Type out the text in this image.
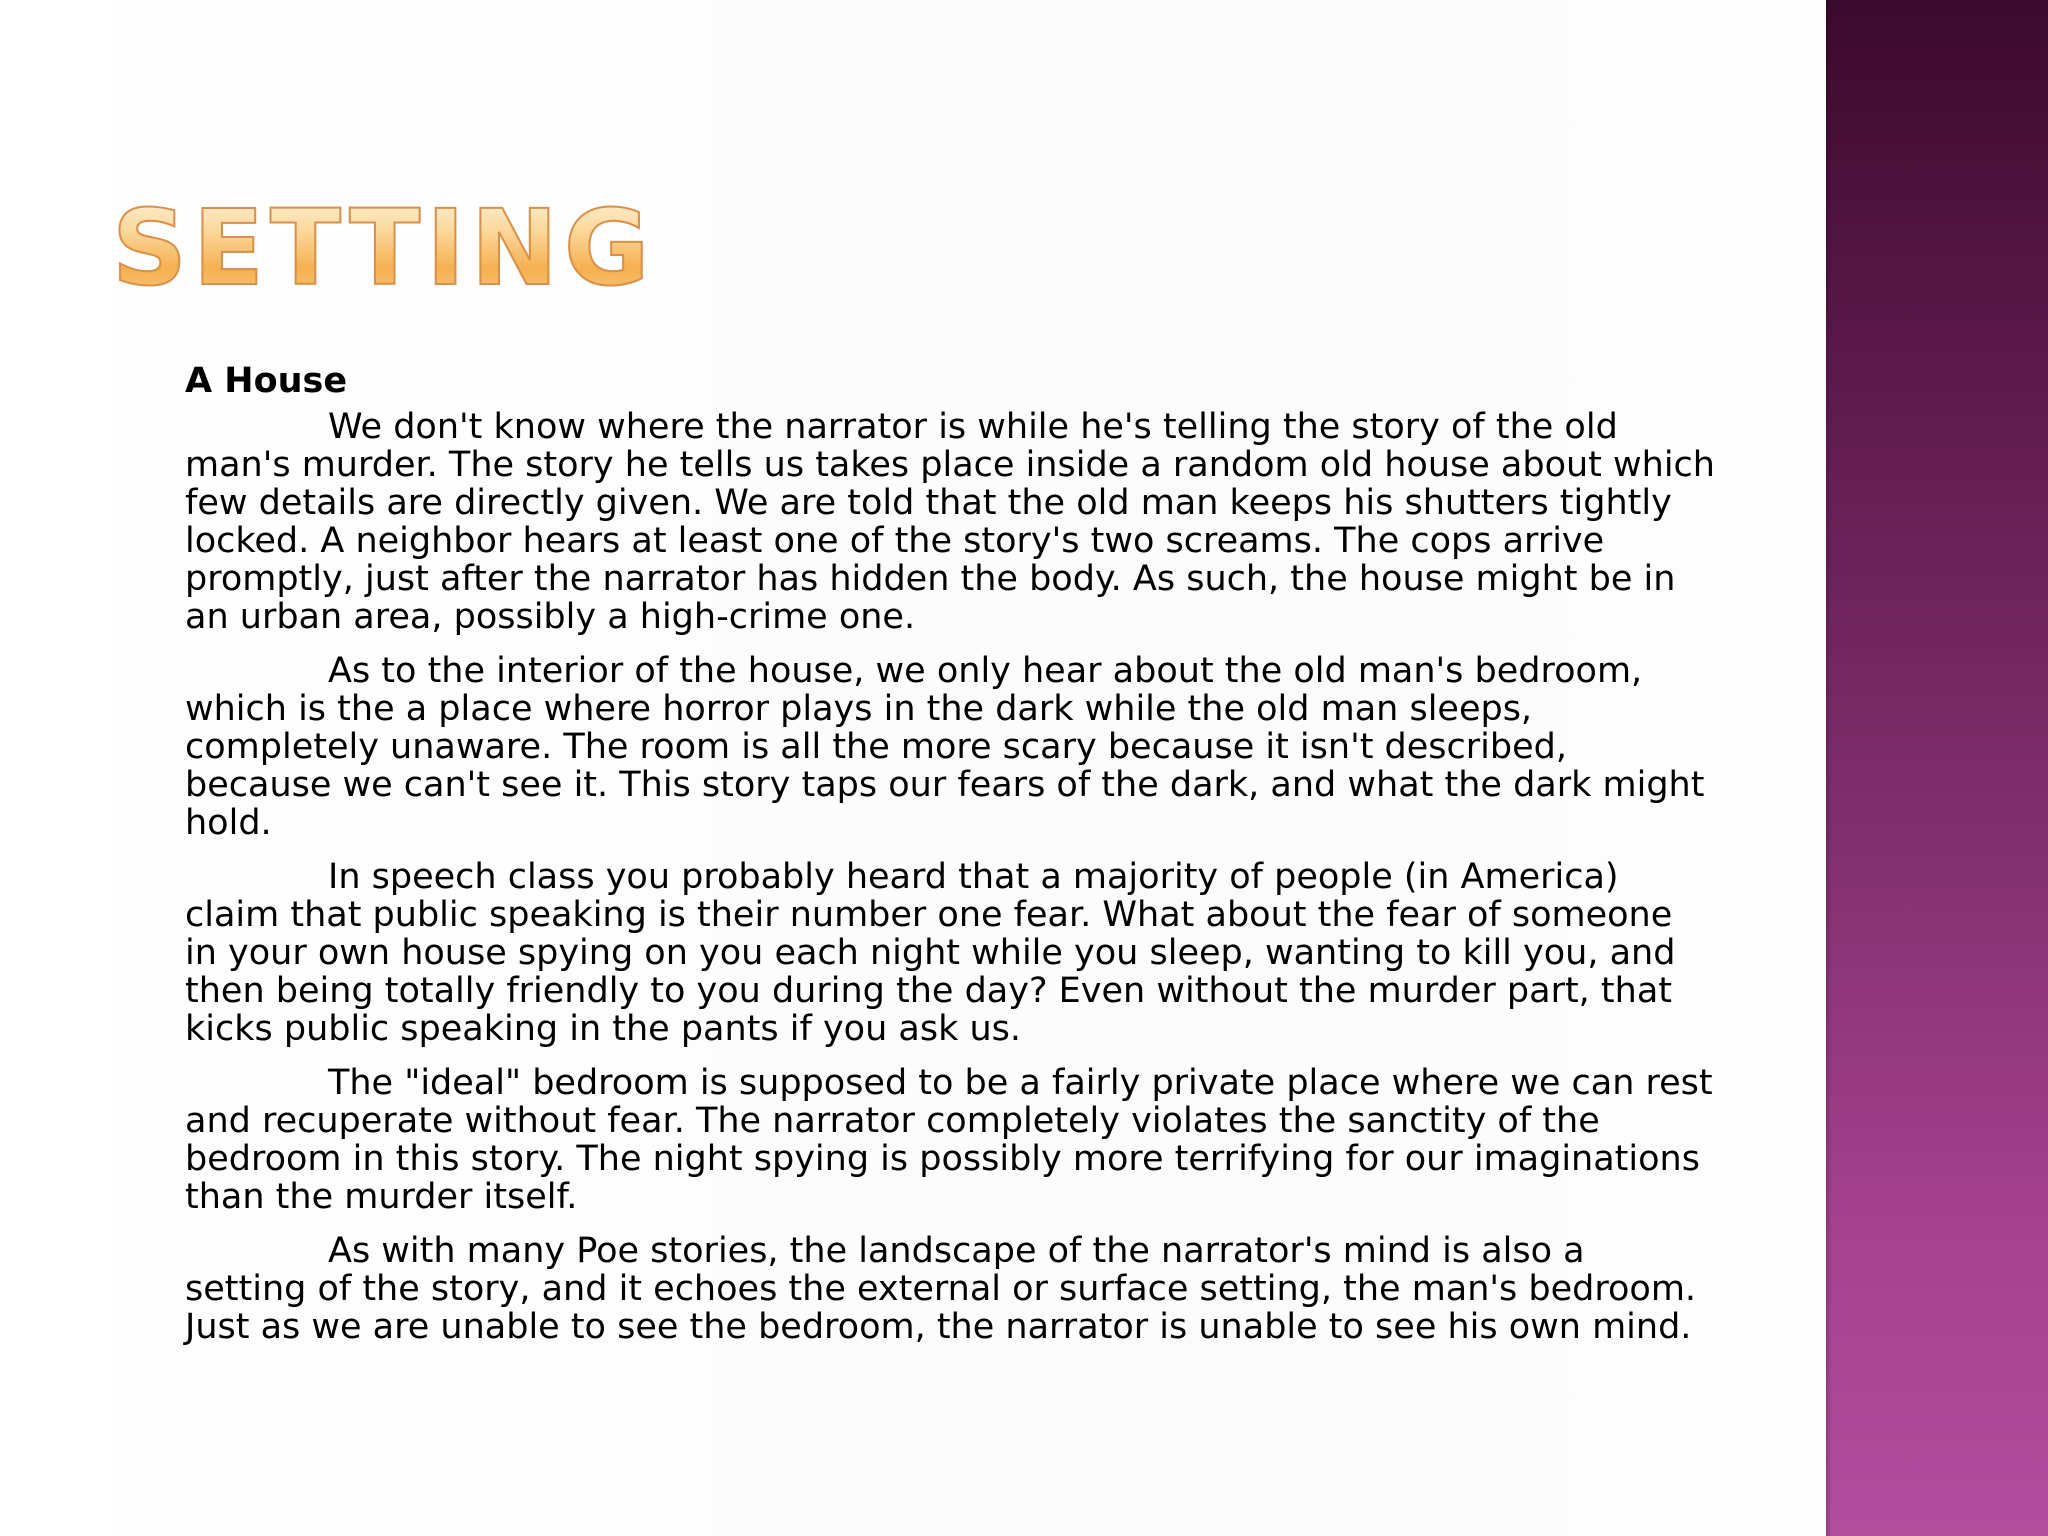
SETTING
A House

We don't know where the narrator is while he's telling the story of the old man's murder. The story he tells us takes place inside a random old house about which few details are directly given. We are told that the old man keeps his shutters tightly locked. A neighbor hears at least one of the story's two screams. The cops arrive promptly, just after the narrator has hidden the body. As such, the house might be in an urban area, possibly a high-crime one.

As to the interior of the house, we only hear about the old man's bedroom, which is the a place where horror plays in the dark while the old man sleeps, completely unaware. The room is all the more scary because it isn't described, because we can't see it. This story taps our fears of the dark, and what the dark might hold.

In speech class you probably heard that a majority of people (in America) claim that public speaking is their number one fear. What about the fear of someone in your own house spying on you each night while you sleep, wanting to kill you, and then being totally friendly to you during the day? Even without the murder part, that kicks public speaking in the pants if you ask us.

The "ideal" bedroom is supposed to be a fairly private place where we can rest and recuperate without fear. The narrator completely violates the sanctity of the bedroom in this story. The night spying is possibly more terrifying for our imaginations than the murder itself.

As with many Poe stories, the landscape of the narrator's mind is also a setting of the story, and it echoes the external or surface setting, the man's bedroom. Just as we are unable to see the bedroom, the narrator is unable to see his own mind.
